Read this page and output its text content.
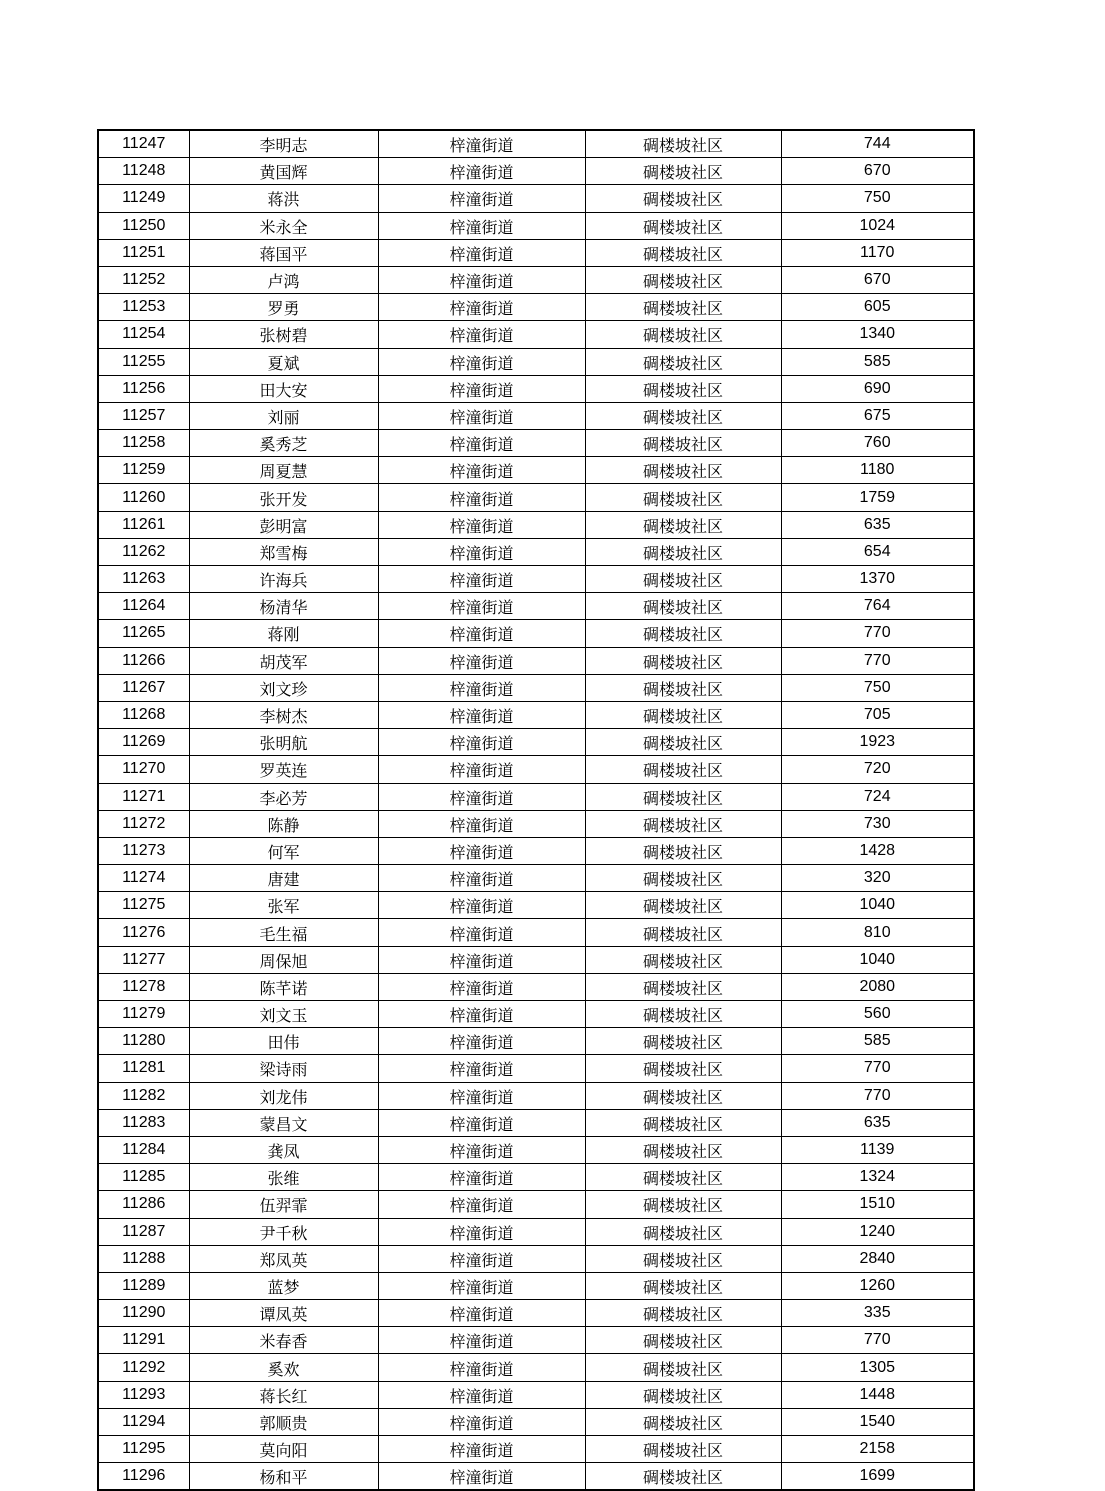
11247	李明志	梓潼街道	碉楼坡社区	744
11248	黄国辉	梓潼街道	碉楼坡社区	670
11249	蒋洪	梓潼街道	碉楼坡社区	750
11250	米永全	梓潼街道	碉楼坡社区	1024
11251	蒋国平	梓潼街道	碉楼坡社区	1170
11252	卢鸿	梓潼街道	碉楼坡社区	670
11253	罗勇	梓潼街道	碉楼坡社区	605
11254	张树碧	梓潼街道	碉楼坡社区	1340
11255	夏斌	梓潼街道	碉楼坡社区	585
11256	田大安	梓潼街道	碉楼坡社区	690
11257	刘丽	梓潼街道	碉楼坡社区	675
11258	奚秀芝	梓潼街道	碉楼坡社区	760
11259	周夏慧	梓潼街道	碉楼坡社区	1180
11260	张开发	梓潼街道	碉楼坡社区	1759
11261	彭明富	梓潼街道	碉楼坡社区	635
11262	郑雪梅	梓潼街道	碉楼坡社区	654
11263	许海兵	梓潼街道	碉楼坡社区	1370
11264	杨清华	梓潼街道	碉楼坡社区	764
11265	蒋刚	梓潼街道	碉楼坡社区	770
11266	胡茂军	梓潼街道	碉楼坡社区	770
11267	刘文珍	梓潼街道	碉楼坡社区	750
11268	李树杰	梓潼街道	碉楼坡社区	705
11269	张明航	梓潼街道	碉楼坡社区	1923
11270	罗英连	梓潼街道	碉楼坡社区	720
11271	李必芳	梓潼街道	碉楼坡社区	724
11272	陈静	梓潼街道	碉楼坡社区	730
11273	何军	梓潼街道	碉楼坡社区	1428
11274	唐建	梓潼街道	碉楼坡社区	320
11275	张军	梓潼街道	碉楼坡社区	1040
11276	毛生福	梓潼街道	碉楼坡社区	810
11277	周保旭	梓潼街道	碉楼坡社区	1040
11278	陈芊诺	梓潼街道	碉楼坡社区	2080
11279	刘文玉	梓潼街道	碉楼坡社区	560
11280	田伟	梓潼街道	碉楼坡社区	585
11281	梁诗雨	梓潼街道	碉楼坡社区	770
11282	刘龙伟	梓潼街道	碉楼坡社区	770
11283	蒙昌文	梓潼街道	碉楼坡社区	635
11284	龚凤	梓潼街道	碉楼坡社区	1139
11285	张维	梓潼街道	碉楼坡社区	1324
11286	伍羿霏	梓潼街道	碉楼坡社区	1510
11287	尹千秋	梓潼街道	碉楼坡社区	1240
11288	郑凤英	梓潼街道	碉楼坡社区	2840
11289	蓝梦	梓潼街道	碉楼坡社区	1260
11290	谭凤英	梓潼街道	碉楼坡社区	335
11291	米春香	梓潼街道	碉楼坡社区	770
11292	奚欢	梓潼街道	碉楼坡社区	1305
11293	蒋长红	梓潼街道	碉楼坡社区	1448
11294	郭顺贵	梓潼街道	碉楼坡社区	1540
11295	莫向阳	梓潼街道	碉楼坡社区	2158
11296	杨和平	梓潼街道	碉楼坡社区	1699
